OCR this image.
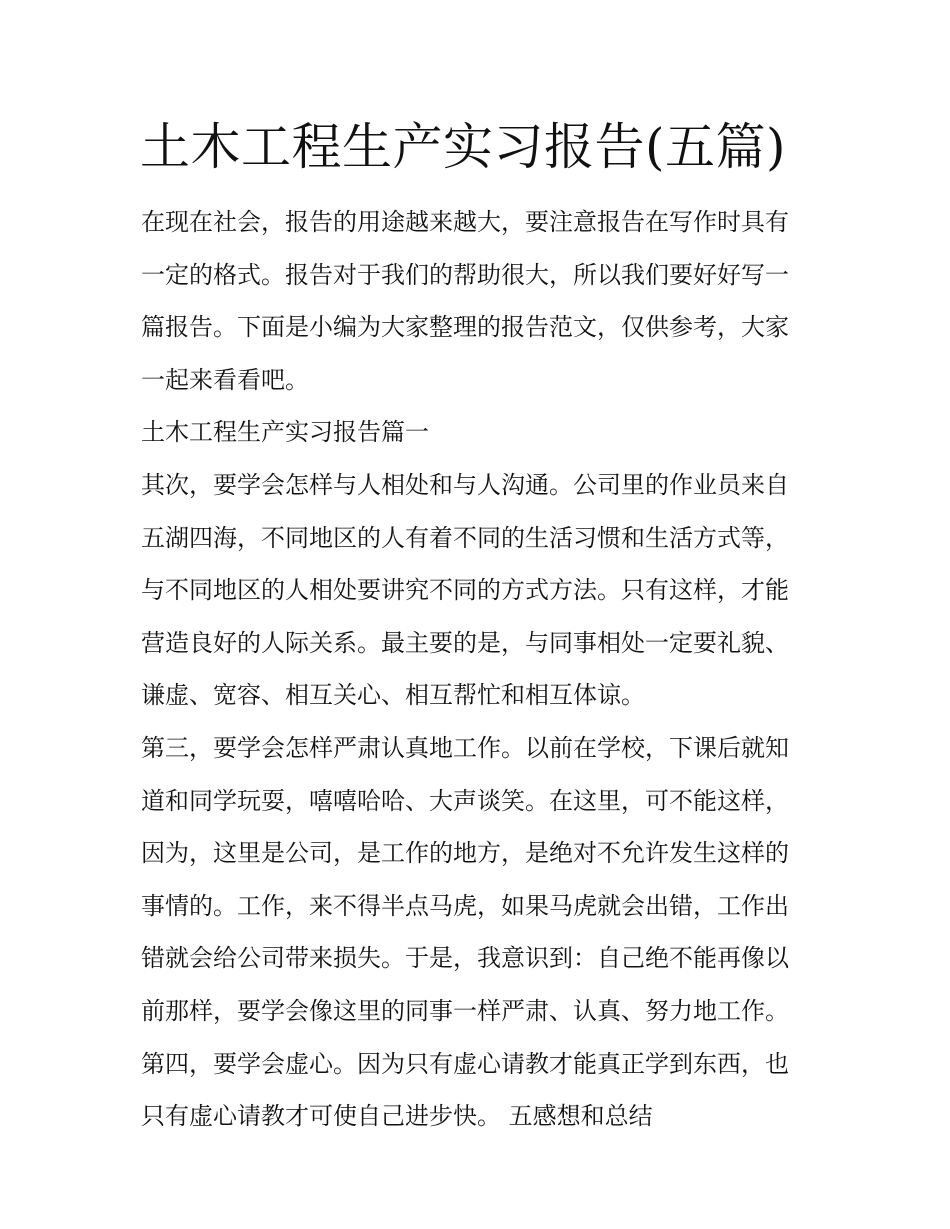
土木工程生产实习报告(五篇)

在现在社会，报告的用途越来越大，要注意报告在写作时具有
一定的格式。报告对于我们的帮助很大，所以我们要好好写一
篇报告。下面是小编为大家整理的报告范文，仅供参考，大家
一起来看看吧。

土木工程生产实习报告篇一

其次，要学会怎样与人相处和与人沟通。公司里的作业员来自
五湖四海，不同地区的人有着不同的生活习惯和生活方式等，
与不同地区的人相处要讲究不同的方式方法。只有这样，才能
营造良好的人际关系。最主要的是，与同事相处一定要礼貌、
谦虚、宽容、相互关心、相互帮忙和相互体谅。

第三，要学会怎样严肃认真地工作。以前在学校，下课后就知
道和同学玩耍，嘻嘻哈哈、大声谈笑。在这里，可不能这样，
因为，这里是公司，是工作的地方，是绝对不允许发生这样的
事情的。工作，来不得半点马虎，如果马虎就会出错，工作出
错就会给公司带来损失。于是，我意识到：自己绝不能再像以
前那样，要学会像这里的同事一样严肃、认真、努力地工作。

第四，要学会虚心。因为只有虚心请教才能真正学到东西，也
只有虚心请教才可使自己进步快。 五感想和总结
